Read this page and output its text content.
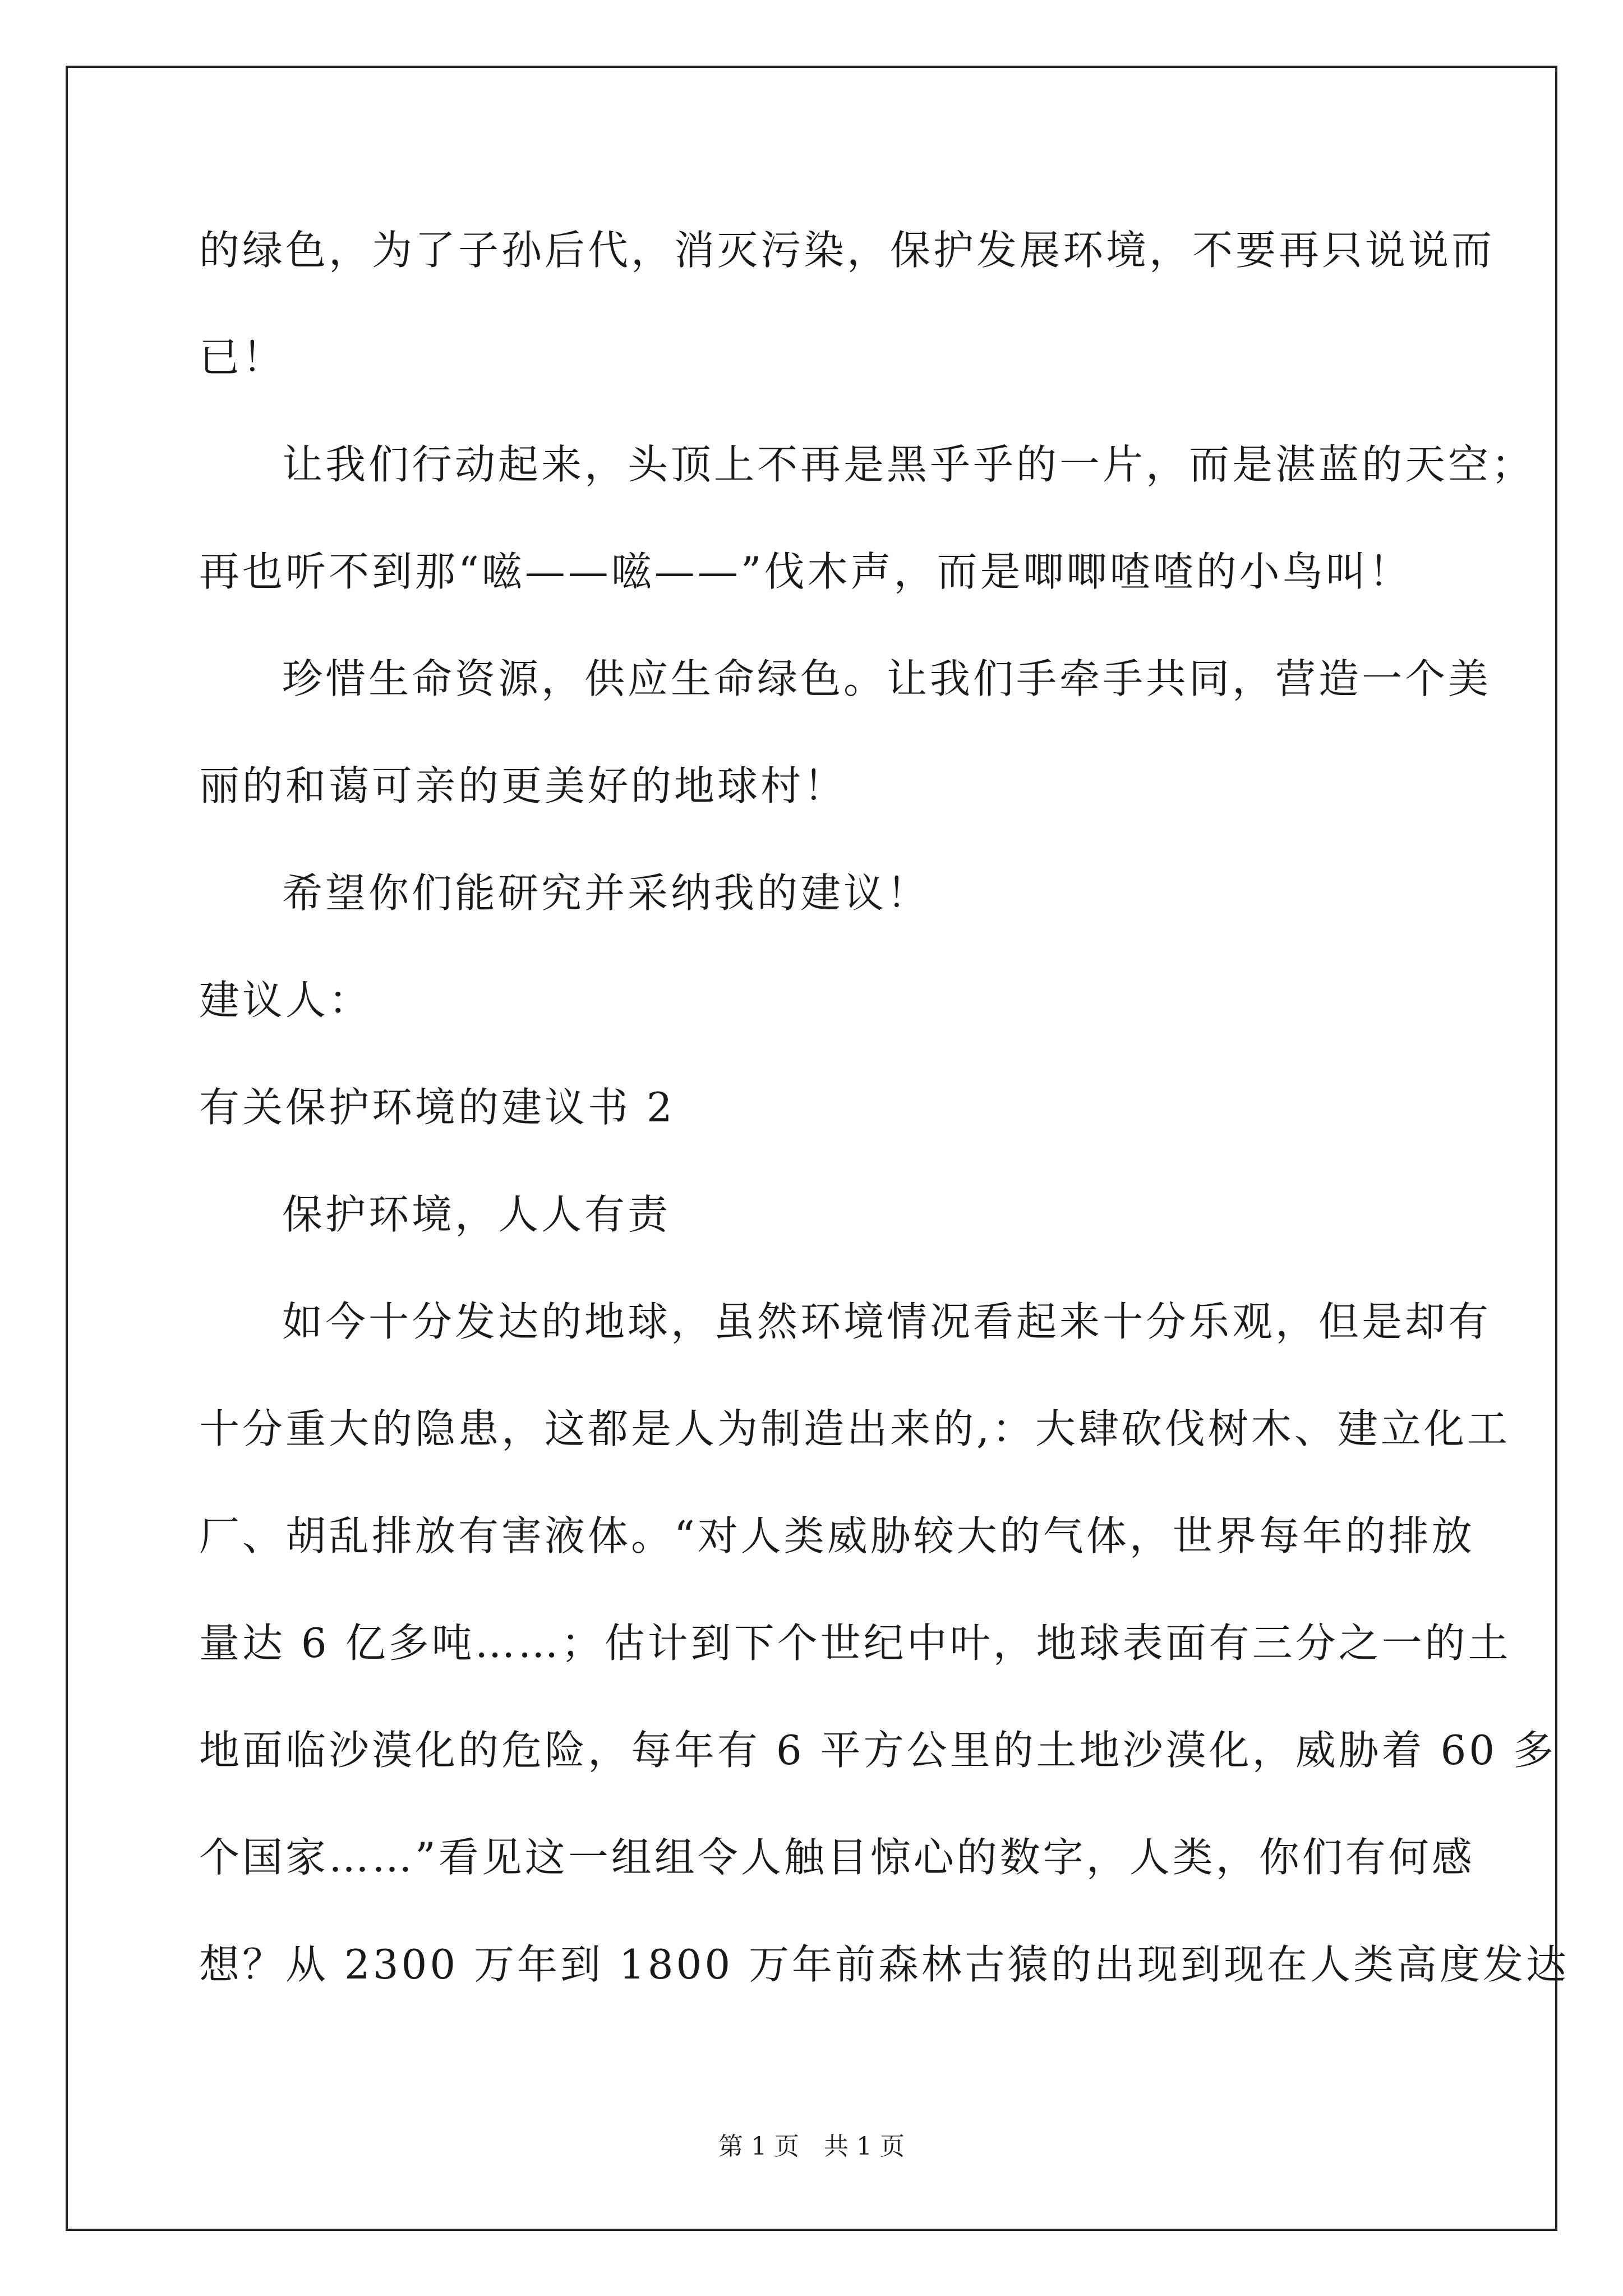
的绿色，为了子孙后代，消灭污染，保护发展环境，不要再只说说而
已！
让我们行动起来，头顶上不再是黑乎乎的一片，而是湛蓝的天空；
再也听不到那“嗞——嗞——”伐木声，而是唧唧喳喳的小鸟叫！
珍惜生命资源，供应生命绿色。让我们手牵手共同，营造一个美
丽的和蔼可亲的更美好的地球村！
希望你们能研究并采纳我的建议！
建议人：
有关保护环境的建议书 2
保护环境，人人有责
如今十分发达的地球，虽然环境情况看起来十分乐观，但是却有
十分重大的隐患，这都是人为制造出来的,：大肆砍伐树木、建立化工
厂、胡乱排放有害液体。“对人类威胁较大的气体，世界每年的排放
量达 6 亿多吨……；估计到下个世纪中叶，地球表面有三分之一的土
地面临沙漠化的危险，每年有 6 平方公里的土地沙漠化，威胁着 60 多
个国家……”看见这一组组令人触目惊心的数字，人类，你们有何感
想？从 2300 万年到 1800 万年前森林古猿的出现到现在人类高度发达
第 1 页　共 1 页
